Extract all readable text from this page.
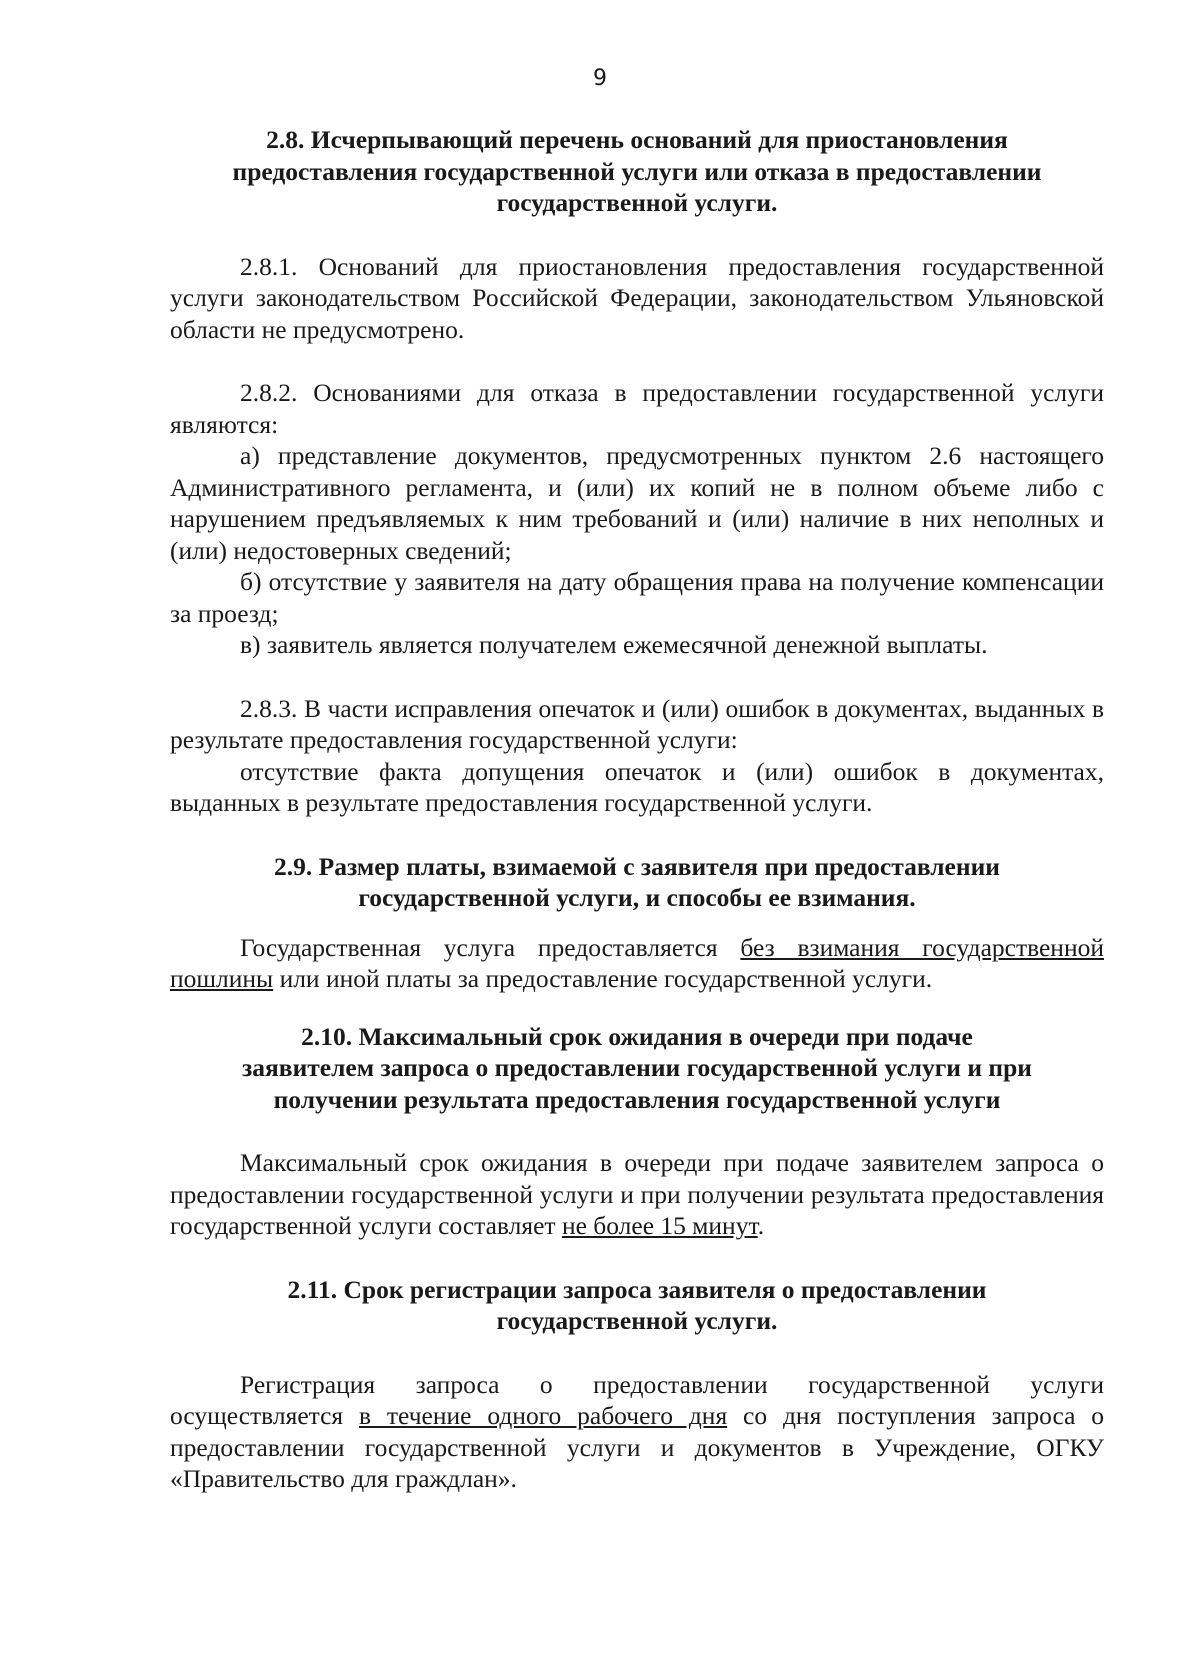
9

2.8. Исчерпывающий перечень оснований для приостановления
предоставления государственной услуги или отказа в предоставлении
государственной услуги.

2.8.1. Оснований для приостановления предоставления государственной услуги законодательством Российской Федерации, законодательством Ульяновской области не предусмотрено.

2.8.2. Основаниями для отказа в предоставлении государственной услуги являются:

а) представление документов, предусмотренных пунктом 2.6 настоящего Административного регламента, и (или) их копий не в полном объеме либо с нарушением предъявляемых к ним требований и (или) наличие в них неполных и (или) недостоверных сведений;

б) отсутствие у заявителя на дату обращения права на получение компенсации за проезд;

в) заявитель является получателем ежемесячной денежной выплаты.

2.8.3. В части исправления опечаток и (или) ошибок в документах, выданных в результате предоставления государственной услуги:

отсутствие факта допущения опечаток и (или) ошибок в документах, выданных в результате предоставления государственной услуги.

2.9. Размер платы, взимаемой с заявителя при предоставлении
государственной услуги, и способы ее взимания.

Государственная услуга предоставляется без взимания государственной пошлины или иной платы за предоставление государственной услуги.

2.10. Максимальный срок ожидания в очереди при подаче
заявителем запроса о предоставлении государственной услуги и при
получении результата предоставления государственной услуги

Максимальный срок ожидания в очереди при подаче заявителем запроса о предоставлении государственной услуги и при получении результата предоставления государственной услуги составляет не более 15 минут.

2.11. Срок регистрации запроса заявителя о предоставлении
государственной услуги.

Регистрация запроса о предоставлении государственной услуги осуществляется в течение одного рабочего дня со дня поступления запроса о предоставлении государственной услуги и документов в Учреждение, ОГКУ «Правительство для граждлан».
